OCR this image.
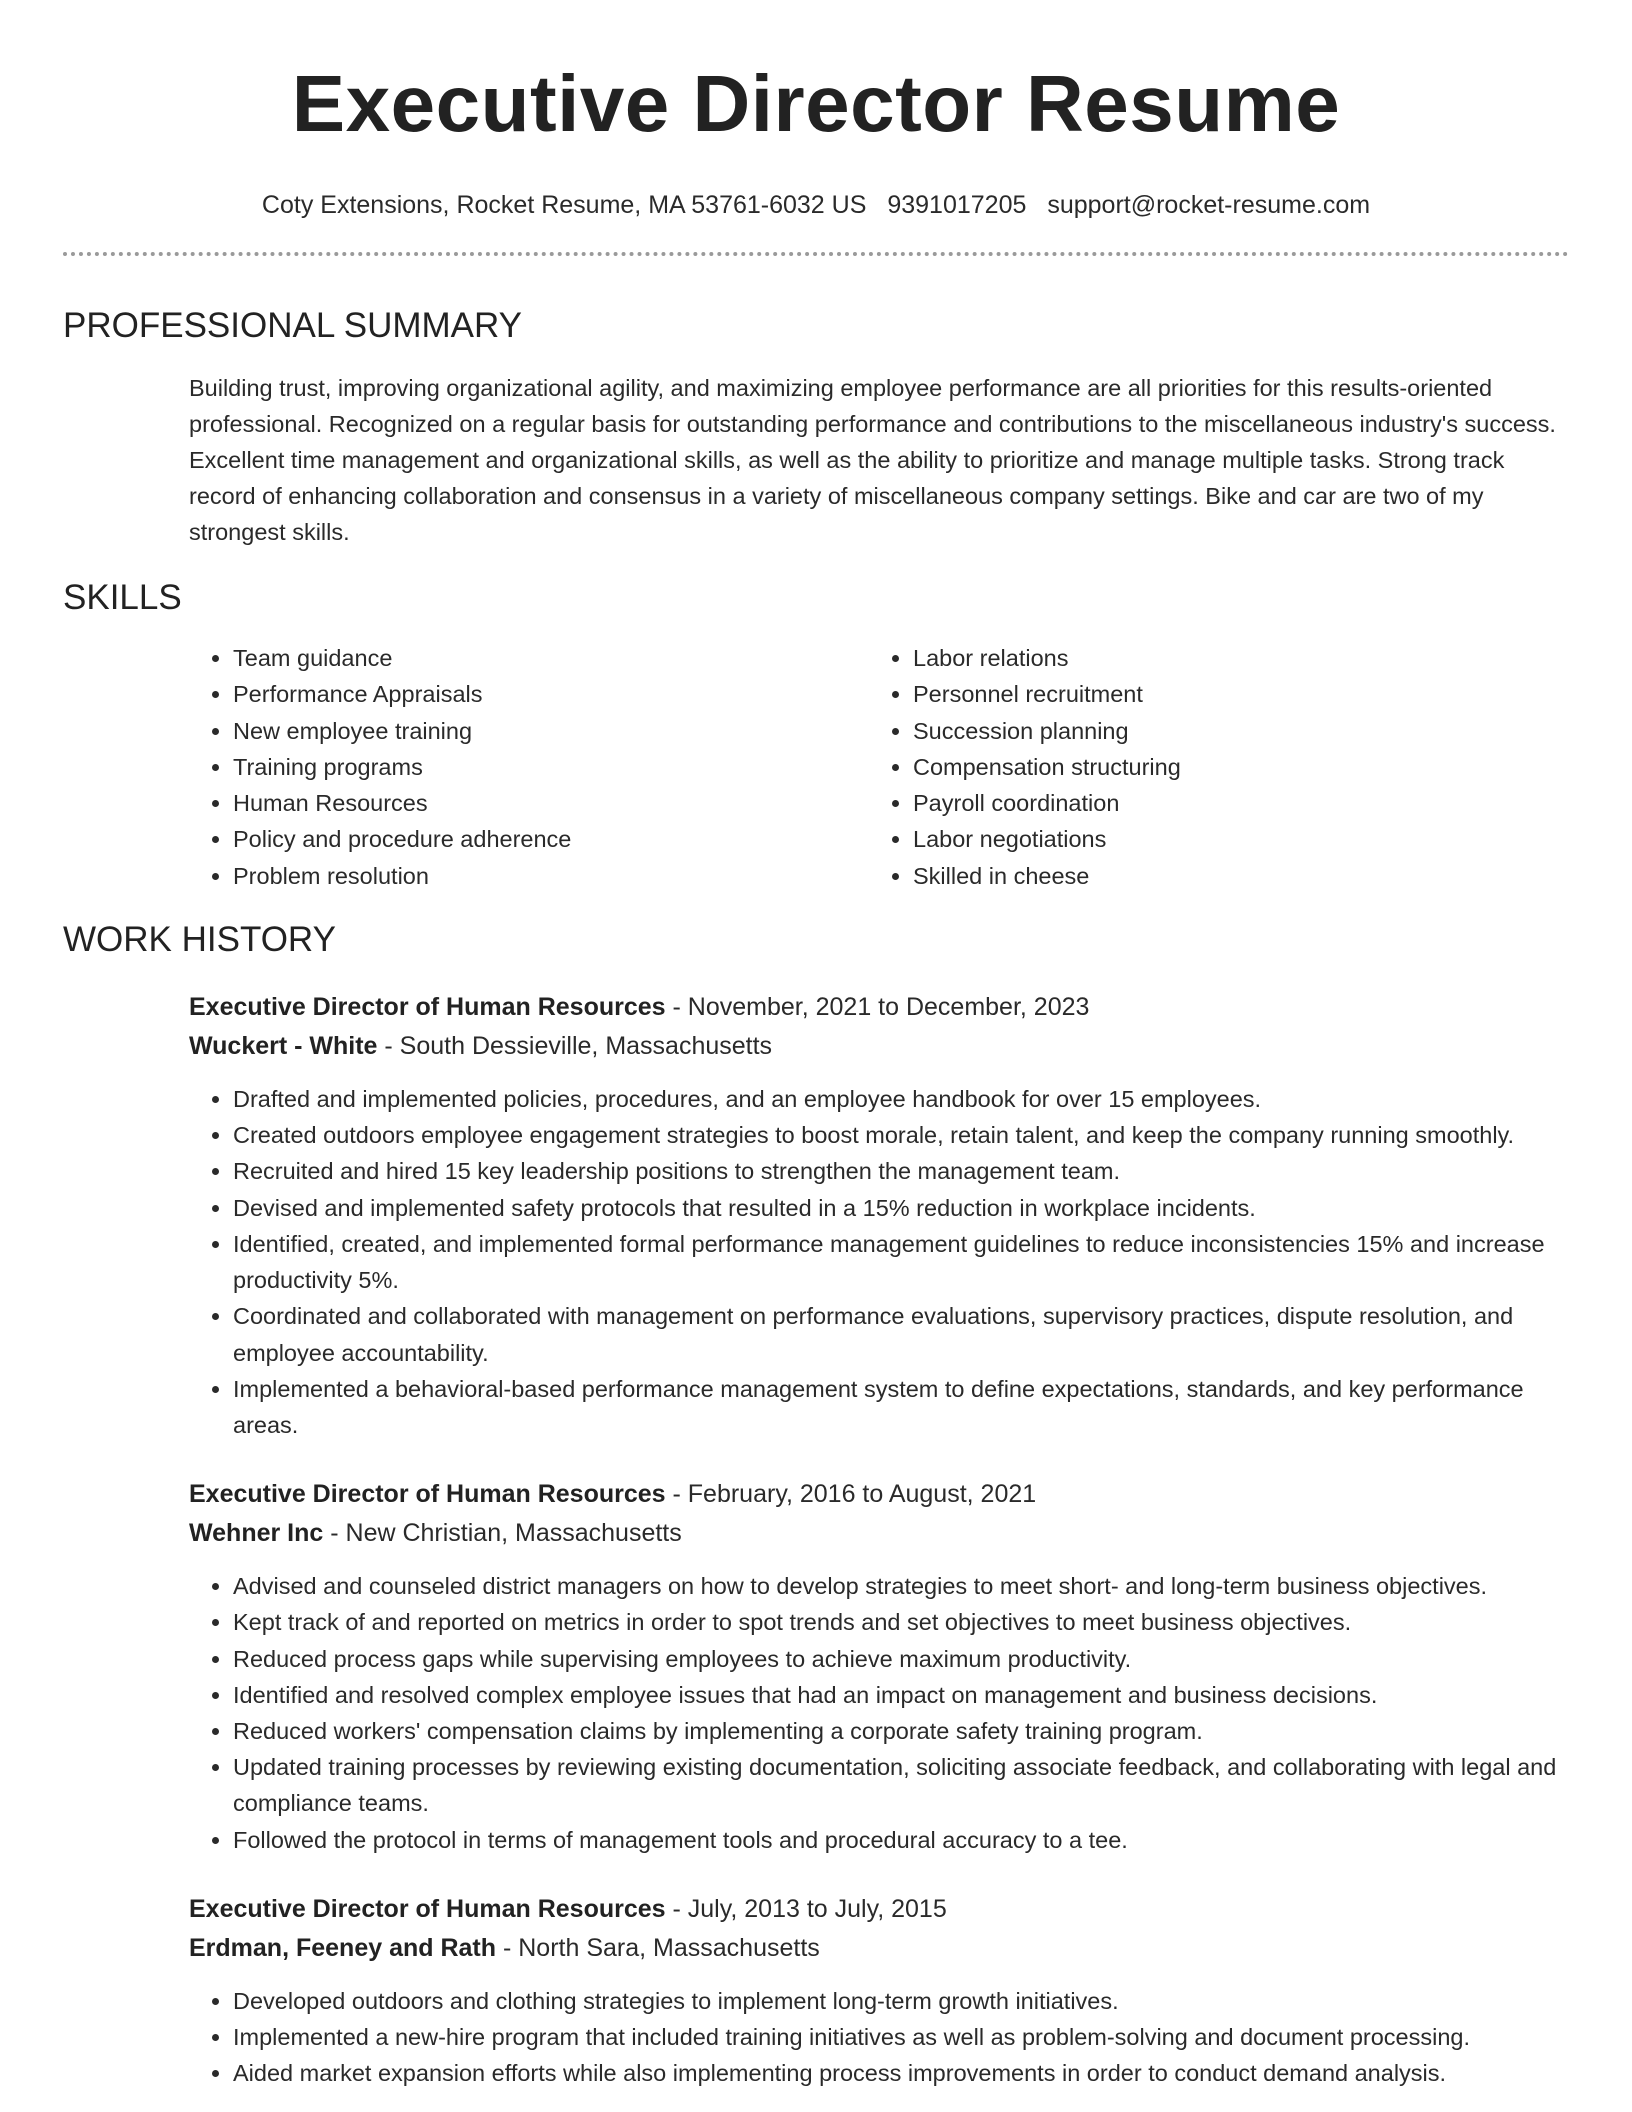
Executive Director Resume
Coty Extensions, Rocket Resume, MA 53761-6032 US 9391017205 support@rocket-resume.com
PROFESSIONAL SUMMARY

Building trust, improving organizational agility, and maximizing employee performance are all priorities for this results-oriented professional. Recognized on a regular basis for outstanding performance and contributions to the miscellaneous industry's success. Excellent time management and organizational skills, as well as the ability to prioritize and manage multiple tasks. Strong track record of enhancing collaboration and consensus in a variety of miscellaneous company settings. Bike and car are two of my strongest skills.

SKILLS
• Team guidance
• Performance Appraisals
• New employee training
• Training programs
• Human Resources
• Policy and procedure adherence
• Problem resolution
• Labor relations
• Personnel recruitment
• Succession planning
• Compensation structuring
• Payroll coordination
• Labor negotiations
• Skilled in cheese
WORK HISTORY
Executive Director of Human Resources - November, 2021 to December, 2023
Wuckert - White - South Dessieville, Massachusetts
• Drafted and implemented policies, procedures, and an employee handbook for over 15 employees.
• Created outdoors employee engagement strategies to boost morale, retain talent, and keep the company running smoothly.
• Recruited and hired 15 key leadership positions to strengthen the management team.
• Devised and implemented safety protocols that resulted in a 15% reduction in workplace incidents.
• Identified, created, and implemented formal performance management guidelines to reduce inconsistencies 15% and increase productivity 5%.
• Coordinated and collaborated with management on performance evaluations, supervisory practices, dispute resolution, and employee accountability.
• Implemented a behavioral-based performance management system to define expectations, standards, and key performance areas.
Executive Director of Human Resources - February, 2016 to August, 2021
Wehner Inc - New Christian, Massachusetts
• Advised and counseled district managers on how to develop strategies to meet short- and long-term business objectives.
• Kept track of and reported on metrics in order to spot trends and set objectives to meet business objectives.
• Reduced process gaps while supervising employees to achieve maximum productivity.
• Identified and resolved complex employee issues that had an impact on management and business decisions.
• Reduced workers' compensation claims by implementing a corporate safety training program.
• Updated training processes by reviewing existing documentation, soliciting associate feedback, and collaborating with legal and compliance teams.
• Followed the protocol in terms of management tools and procedural accuracy to a tee.
Executive Director of Human Resources - July, 2013 to July, 2015
Erdman, Feeney and Rath - North Sara, Massachusetts
• Developed outdoors and clothing strategies to implement long-term growth initiatives.
• Implemented a new-hire program that included training initiatives as well as problem-solving and document processing.
• Aided market expansion efforts while also implementing process improvements in order to conduct demand analysis.
